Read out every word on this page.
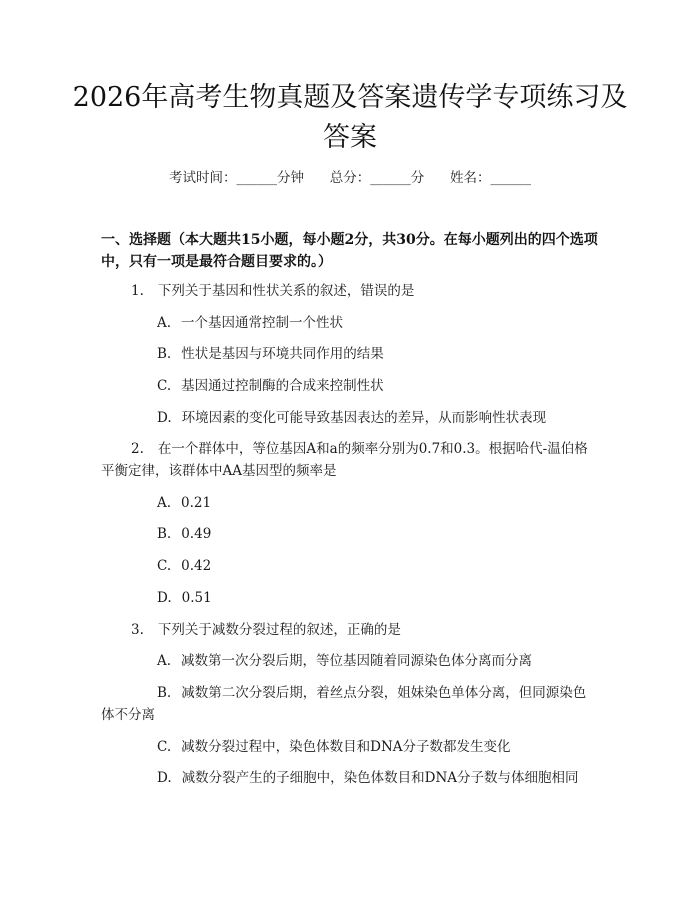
2026年高考生物真题及答案遗传学专项练习及答案
考试时间：______分钟 总分：______分 姓名：______
一、选择题（本大题共15小题，每小题2分，共30分。在每小题列出的四个选项中，只有一项是最符合题目要求的。）
1. 下列关于基因和性状关系的叙述，错误的是
A. 一个基因通常控制一个性状
B. 性状是基因与环境共同作用的结果
C. 基因通过控制酶的合成来控制性状
D. 环境因素的变化可能导致基因表达的差异，从而影响性状表现
2. 在一个群体中，等位基因A和a的频率分别为0.7和0.3。根据哈代-温伯格平衡定律，该群体中AA基因型的频率是
A. 0.21
B. 0.49
C. 0.42
D. 0.51
3. 下列关于减数分裂过程的叙述，正确的是
A. 减数第一次分裂后期，等位基因随着同源染色体分离而分离
B. 减数第二次分裂后期，着丝点分裂，姐妹染色单体分离，但同源染色体不分离
C. 减数分裂过程中，染色体数目和DNA分子数都发生变化
D. 减数分裂产生的子细胞中，染色体数目和DNA分子数与体细胞相同
